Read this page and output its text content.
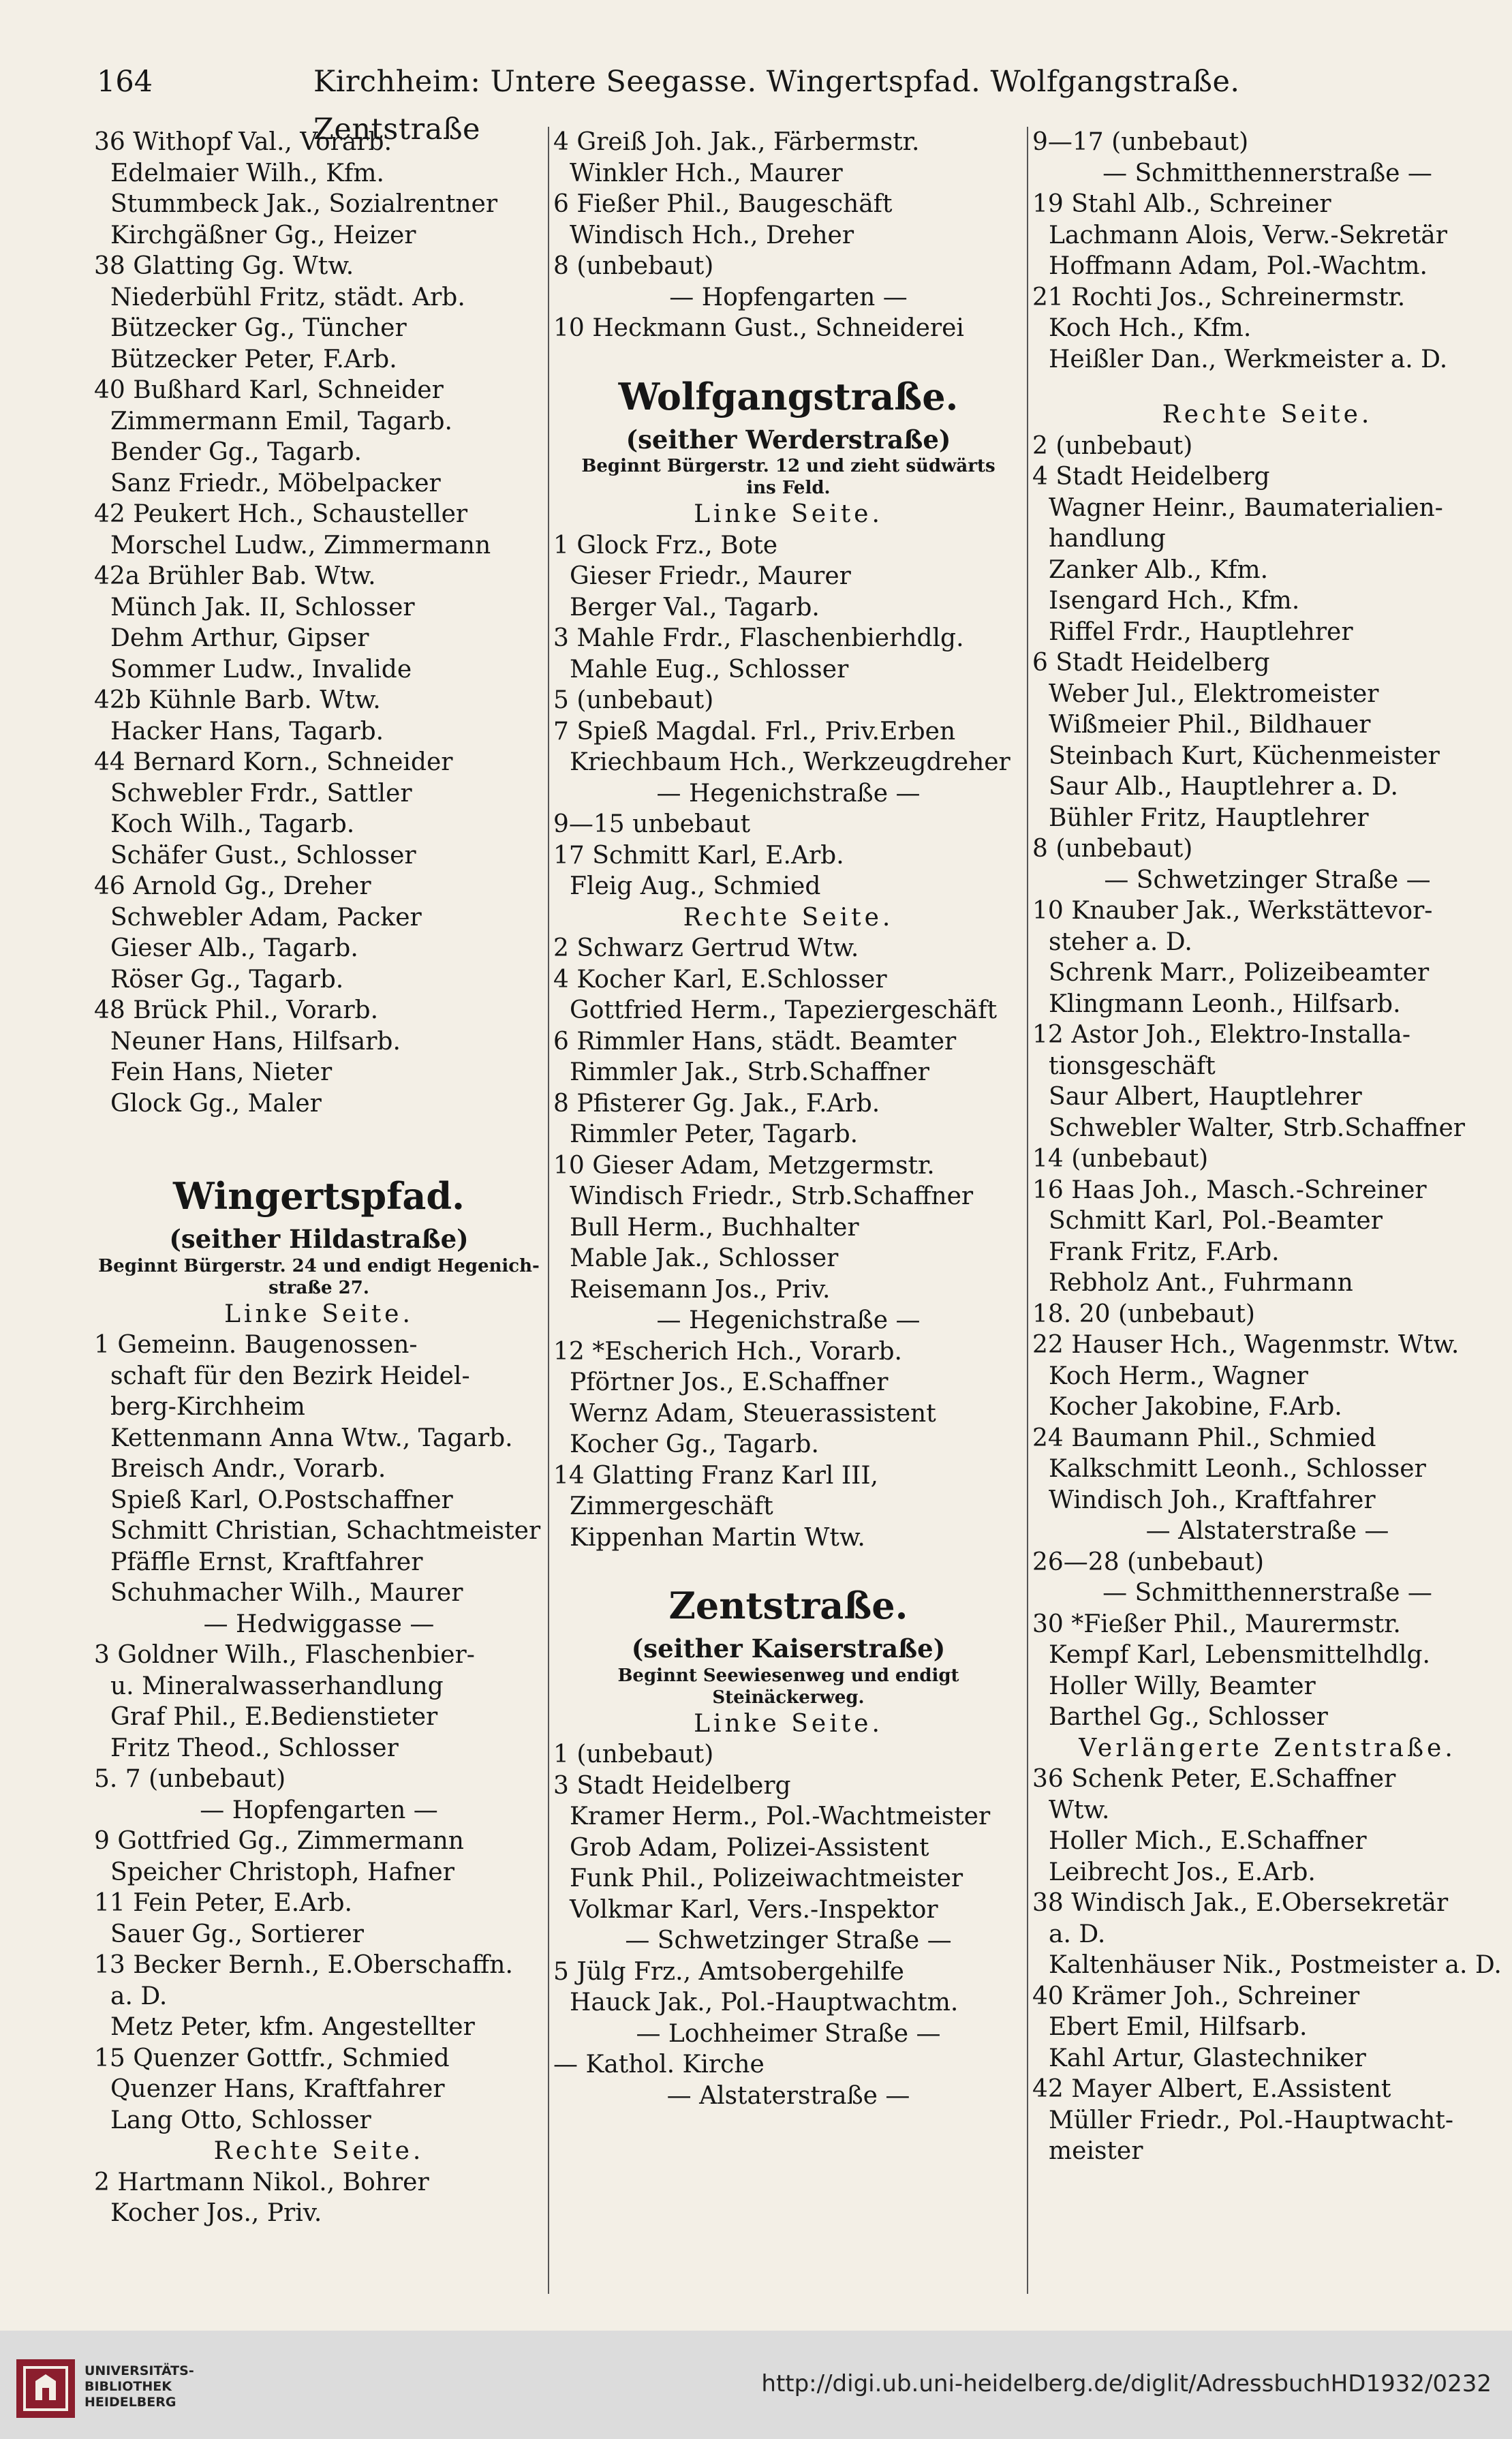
164	Kirchheim: Untere Seegasse. Wingertspfad. Wolfgangstraße. Zentstraße
36 Withopf Val., Vorarb.
Edelmaier Wilh., Kfm.
Stummbeck Jak., Sozialrentner
Kirchgäßner Gg., Heizer
38 Glatting Gg. Wtw.
Niederbühl Fritz, städt. Arb.
Bützecker Gg., Tüncher
Bützecker Peter, F.Arb.
40 Bußhard Karl, Schneider
Zimmermann Emil, Tagarb.
Bender Gg., Tagarb.
Sanz Friedr., Möbelpacker
42 Peukert Hch., Schausteller
Morschel Ludw., Zimmermann
42a Brühler Bab. Wtw.
Münch Jak. II, Schlosser
Dehm Arthur, Gipser
Sommer Ludw., Invalide
42b Kühnle Barb. Wtw.
Hacker Hans, Tagarb.
44 Bernard Korn., Schneider
Schwebler Frdr., Sattler
Koch Wilh., Tagarb.
Schäfer Gust., Schlosser
46 Arnold Gg., Dreher
Schwebler Adam, Packer
Gieser Alb., Tagarb.
Röser Gg., Tagarb.
48 Brück Phil., Vorarb.
Neuner Hans, Hilfsarb.
Fein Hans, Nieter
Glock Gg., Maler
Wingertspfad.
(seither Hildastraße)
Beginnt Bürgerstr. 24 und endigt Hegenich-
straße 27.
Linke Seite.
1 Gemeinn. Baugenossen-
schaft für den Bezirk Heidel-
berg-Kirchheim
Kettenmann Anna Wtw., Tagarb.
Breisch Andr., Vorarb.
Spieß Karl, O.Postschaffner
Schmitt Christian, Schachtmeister
Pfäffle Ernst, Kraftfahrer
Schuhmacher Wilh., Maurer
— Hedwiggasse —
3 Goldner Wilh., Flaschenbier-
u. Mineralwasserhandlung
Graf Phil., E.Bedienstieter
Fritz Theod., Schlosser
5. 7 (unbebaut)
— Hopfengarten —
9 Gottfried Gg., Zimmermann
Speicher Christoph, Hafner
11 Fein Peter, E.Arb.
Sauer Gg., Sortierer
13 Becker Bernh., E.Oberschaffn.
a. D.
Metz Peter, kfm. Angestellter
15 Quenzer Gottfr., Schmied
Quenzer Hans, Kraftfahrer
Lang Otto, Schlosser
Rechte Seite.
2 Hartmann Nikol., Bohrer
Kocher Jos., Priv.
4 Greiß Joh. Jak., Färbermstr.
Winkler Hch., Maurer
6 Fießer Phil., Baugeschäft
Windisch Hch., Dreher
8 (unbebaut)
— Hopfengarten —
10 Heckmann Gust., Schneiderei
Wolfgangstraße.
(seither Werderstraße)
Beginnt Bürgerstr. 12 und zieht südwärts
ins Feld.
Linke Seite.
1 Glock Frz., Bote
Gieser Friedr., Maurer
Berger Val., Tagarb.
3 Mahle Frdr., Flaschenbierhdlg.
Mahle Eug., Schlosser
5 (unbebaut)
7 Spieß Magdal. Frl., Priv.Erben
Kriechbaum Hch., Werkzeugdreher
— Hegenichstraße —
9—15 unbebaut
17 Schmitt Karl, E.Arb.
Fleig Aug., Schmied
Rechte Seite.
2 Schwarz Gertrud Wtw.
4 Kocher Karl, E.Schlosser
Gottfried Herm., Tapeziergeschäft
6 Rimmler Hans, städt. Beamter
Rimmler Jak., Strb.Schaffner
8 Pfisterer Gg. Jak., F.Arb.
Rimmler Peter, Tagarb.
10 Gieser Adam, Metzgermstr.
Windisch Friedr., Strb.Schaffner
Bull Herm., Buchhalter
Mable Jak., Schlosser
Reisemann Jos., Priv.
— Hegenichstraße —
12 *Escherich Hch., Vorarb.
Pförtner Jos., E.Schaffner
Wernz Adam, Steuerassistent
Kocher Gg., Tagarb.
14 Glatting Franz Karl III,
Zimmergeschäft
Kippenhan Martin Wtw.
Zentstraße.
(seither Kaiserstraße)
Beginnt Seewiesenweg und endigt
Steinäckerweg.
Linke Seite.
1 (unbebaut)
3 Stadt Heidelberg
Kramer Herm., Pol.-Wachtmeister
Grob Adam, Polizei-Assistent
Funk Phil., Polizeiwachtmeister
Volkmar Karl, Vers.-Inspektor
— Schwetzinger Straße —
5 Jülg Frz., Amtsobergehilfe
Hauck Jak., Pol.-Hauptwachtm.
— Lochheimer Straße —
— Kathol. Kirche
— Alstaterstraße —
9—17 (unbebaut)
— Schmitthennerstraße —
19 Stahl Alb., Schreiner
Lachmann Alois, Verw.-Sekretär
Hoffmann Adam, Pol.-Wachtm.
21 Rochti Jos., Schreinermstr.
Koch Hch., Kfm.
Heißler Dan., Werkmeister a. D.
Rechte Seite.
2 (unbebaut)
4 Stadt Heidelberg
Wagner Heinr., Baumaterialien-
handlung
Zanker Alb., Kfm.
Isengard Hch., Kfm.
Riffel Frdr., Hauptlehrer
6 Stadt Heidelberg
Weber Jul., Elektromeister
Wißmeier Phil., Bildhauer
Steinbach Kurt, Küchenmeister
Saur Alb., Hauptlehrer a. D.
Bühler Fritz, Hauptlehrer
8 (unbebaut)
— Schwetzinger Straße —
10 Knauber Jak., Werkstättevor-
steher a. D.
Schrenk Marr., Polizeibeamter
Klingmann Leonh., Hilfsarb.
12 Astor Joh., Elektro-Installa-
tionsgeschäft
Saur Albert, Hauptlehrer
Schwebler Walter, Strb.Schaffner
14 (unbebaut)
16 Haas Joh., Masch.-Schreiner
Schmitt Karl, Pol.-Beamter
Frank Fritz, F.Arb.
Rebholz Ant., Fuhrmann
18. 20 (unbebaut)
22 Hauser Hch., Wagenmstr. Wtw.
Koch Herm., Wagner
Kocher Jakobine, F.Arb.
24 Baumann Phil., Schmied
Kalkschmitt Leonh., Schlosser
Windisch Joh., Kraftfahrer
— Alstaterstraße —
26—28 (unbebaut)
— Schmitthennerstraße —
30 *Fießer Phil., Maurermstr.
Kempf Karl, Lebensmittelhdlg.
Holler Willy, Beamter
Barthel Gg., Schlosser
Verlängerte Zentstraße.
36 Schenk Peter, E.Schaffner
Wtw.
Holler Mich., E.Schaffner
Leibrecht Jos., E.Arb.
38 Windisch Jak., E.Obersekretär
a. D.
Kaltenhäuser Nik., Postmeister a. D.
40 Krämer Joh., Schreiner
Ebert Emil, Hilfsarb.
Kahl Artur, Glastechniker
42 Mayer Albert, E.Assistent
Müller Friedr., Pol.-Hauptwacht-
meister
UNIVERSITÄTS-
BIBLIOTHEK
HEIDELBERG
http://digi.ub.uni-heidelberg.de/diglit/AdressbuchHD1932/0232
